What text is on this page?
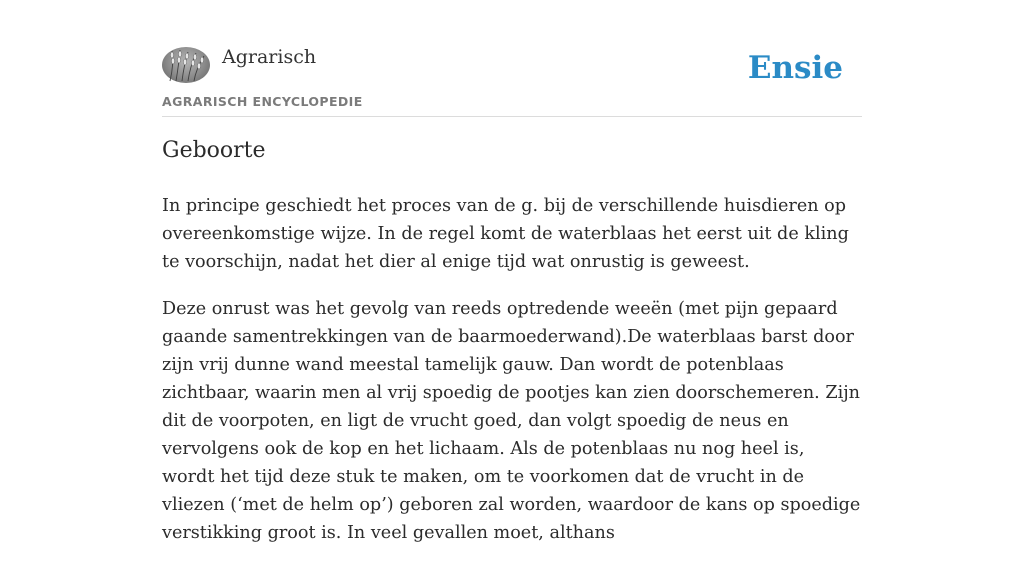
Agrarisch
AGRARISCH ENCYCLOPEDIE
Ensie
Geboorte

In principe geschiedt het proces van de g. bij de verschillende huisdieren op overeenkomstige wijze. In de regel komt de waterblaas het eerst uit de kling te voorschijn, nadat het dier al enige tijd wat onrustig is geweest.

Deze onrust was het gevolg van reeds optredende weeën (met pijn gepaard gaande samentrekkingen van de baarmoederwand).De waterblaas barst door zijn vrij dunne wand meestal tamelijk gauw. Dan wordt de potenblaas zichtbaar, waarin men al vrij spoedig de pootjes kan zien doorschemeren. Zijn dit de voorpoten, en ligt de vrucht goed, dan volgt spoedig de neus en vervolgens ook de kop en het lichaam. Als de potenblaas nu nog heel is, wordt het tijd deze stuk te maken, om te voorkomen dat de vrucht in de vliezen (‘met de helm op’) geboren zal worden, waardoor de kans op spoedige verstikking groot is. In veel gevallen moet, althans
